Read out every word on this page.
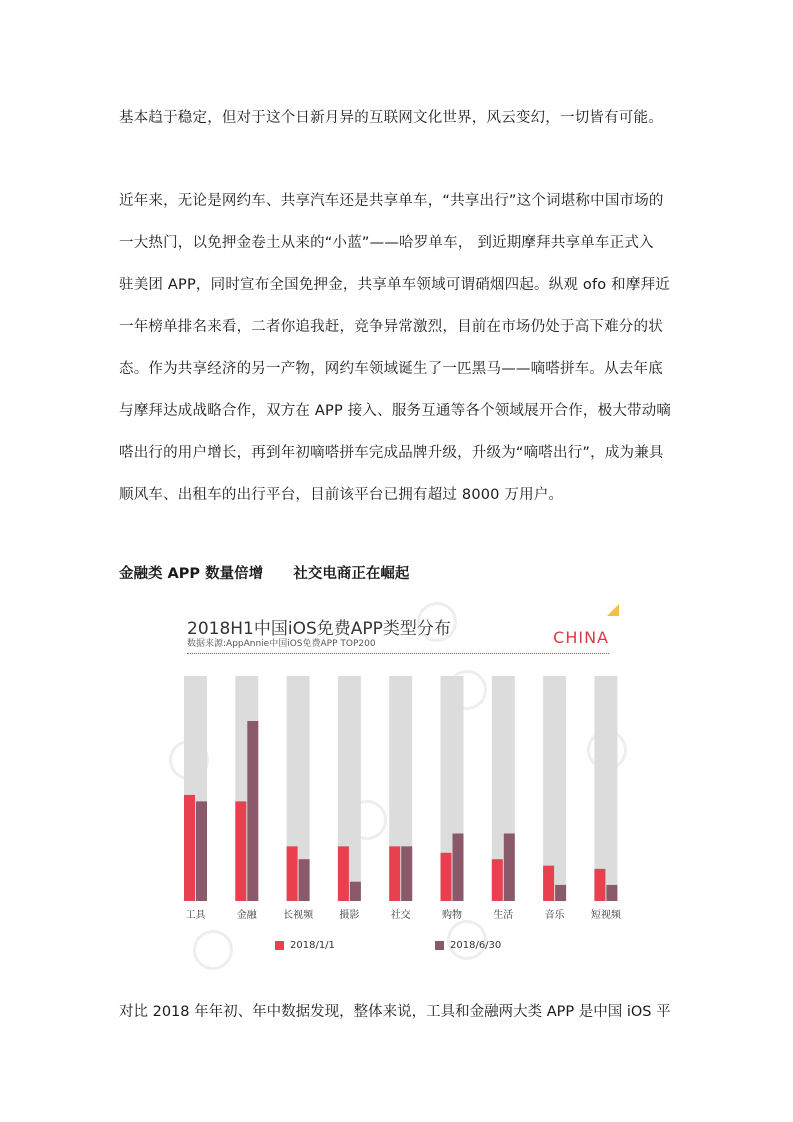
基本趋于稳定，但对于这个日新月异的互联网文化世界，风云变幻，一切皆有可能。
近年来，无论是网约车、共享汽车还是共享单车，“共享出行”这个词堪称中国市场的
一大热门，以免押金卷土从来的“小蓝”——哈罗单车， 到近期摩拜共享单车正式入
驻美团 APP，同时宣布全国免押金，共享单车领域可谓硝烟四起。纵观 ofo 和摩拜近
一年榜单排名来看，二者你追我赶，竞争异常激烈，目前在市场仍处于高下难分的状
态。作为共享经济的另一产物，网约车领域诞生了一匹黑马——嘀嗒拼车。从去年底
与摩拜达成战略合作，双方在 APP 接入、服务互通等各个领域展开合作，极大带动嘀
嗒出行的用户增长，再到年初嘀嗒拼车完成品牌升级，升级为“嘀嗒出行”，成为兼具
顺风车、出租车的出行平台，目前该平台已拥有超过 8000 万用户。
金融类 APP 数量倍增      社交电商正在崛起
2018H1中国iOS免费APP类型分布
数据来源:AppAnnie中国iOS免费APP TOP200	CHINA
工具	金融	长视频	摄影	社交	购物	生活	音乐	短视频
2018/1/1	2018/6/30
对比 2018 年年初、年中数据发现，整体来说，工具和金融两大类 APP 是中国 iOS 平
